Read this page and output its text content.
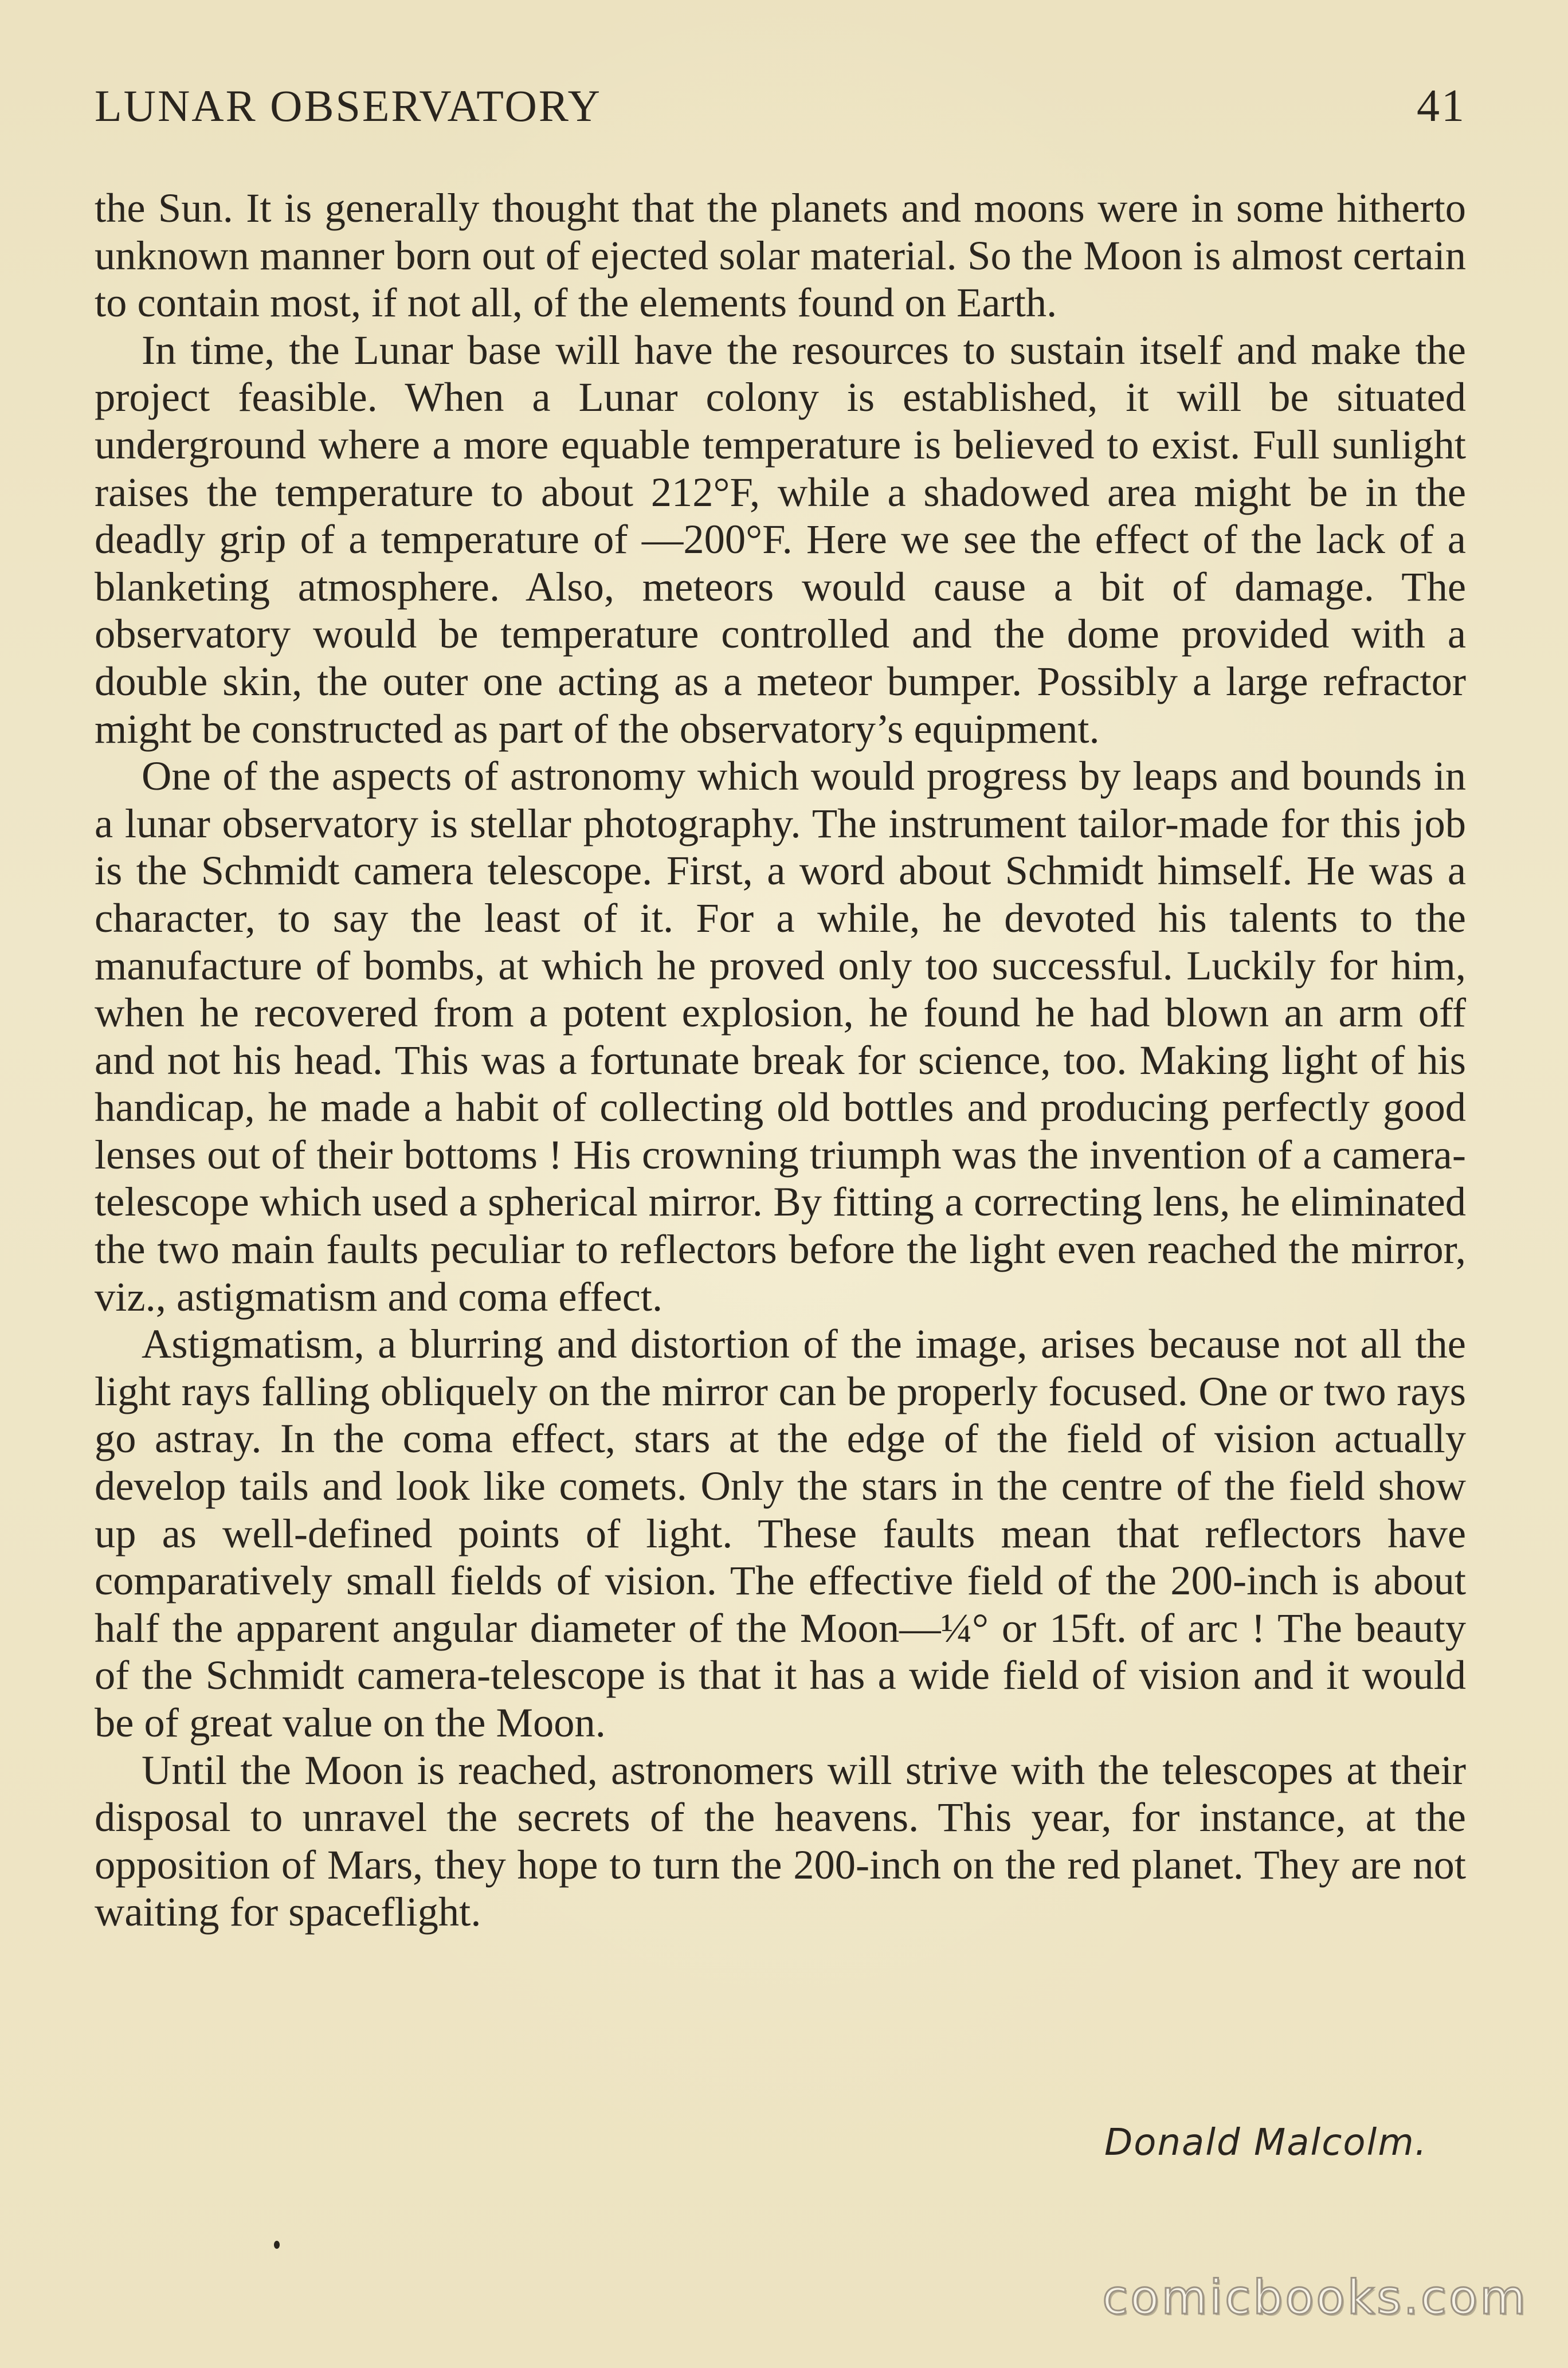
LUNAR OBSERVATORY	41

the Sun. It is generally thought that the planets and moons were in some hitherto unknown manner born out of ejected solar material. So the Moon is almost certain to contain most, if not all, of the elements found on Earth.

In time, the Lunar base will have the resources to sustain itself and make the project feasible. When a Lunar colony is established, it will be situated underground where a more equable temperature is believed to exist. Full sunlight raises the temperature to about 212°F, while a shadowed area might be in the deadly grip of a temperature of —200°F. Here we see the effect of the lack of a blanketing atmosphere. Also, meteors would cause a bit of damage. The observatory would be temperature controlled and the dome provided with a double skin, the outer one acting as a meteor bumper. Possibly a large refractor might be constructed as part of the observatory’s equipment.

One of the aspects of astronomy which would progress by leaps and bounds in a lunar observatory is stellar photography. The instrument tailor-made for this job is the Schmidt camera telescope. First, a word about Schmidt himself. He was a character, to say the least of it. For a while, he devoted his talents to the manufacture of bombs, at which he proved only too successful. Luckily for him, when he recovered from a potent explosion, he found he had blown an arm off and not his head. This was a fortunate break for science, too. Making light of his handicap, he made a habit of collecting old bottles and producing perfectly good lenses out of their bottoms ! His crowning triumph was the invention of a camera-telescope which used a spherical mirror. By fitting a correcting lens, he eliminated the two main faults peculiar to reflectors before the light even reached the mirror, viz., astigmatism and coma effect.

Astigmatism, a blurring and distortion of the image, arises because not all the light rays falling obliquely on the mirror can be properly focused. One or two rays go astray. In the coma effect, stars at the edge of the field of vision actually develop tails and look like comets. Only the stars in the centre of the field show up as well-defined points of light. These faults mean that reflectors have comparatively small fields of vision. The effective field of the 200-inch is about half the apparent angular diameter of the Moon—¼° or 15ft. of arc ! The beauty of the Schmidt camera-telescope is that it has a wide field of vision and it would be of great value on the Moon.

Until the Moon is reached, astronomers will strive with the telescopes at their disposal to unravel the secrets of the heavens. This year, for instance, at the opposition of Mars, they hope to turn the 200-inch on the red planet. They are not waiting for spaceflight.

Donald Malcolm.
comicbooks.com
